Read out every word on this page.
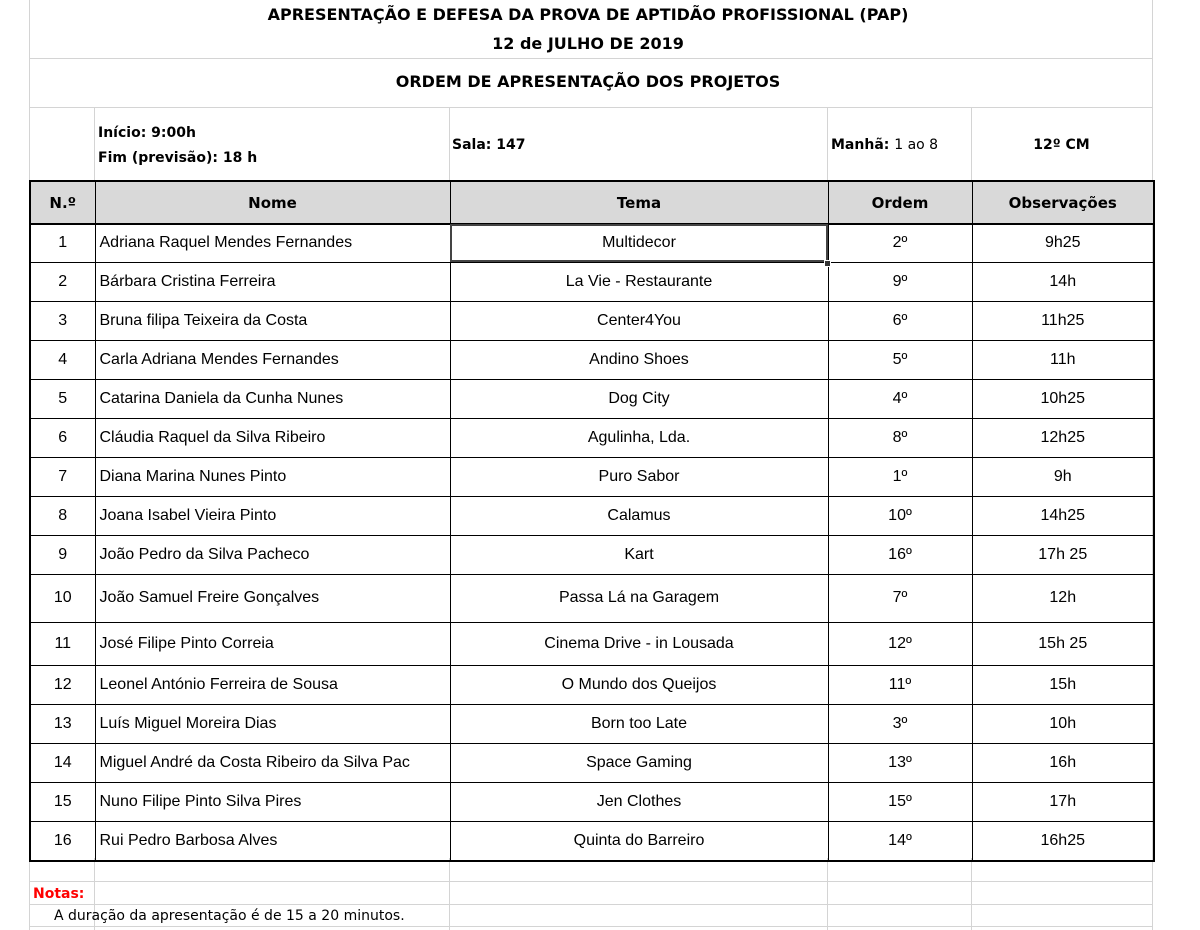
APRESENTAÇÃO E DEFESA DA PROVA DE APTIDÃO PROFISSIONAL (PAP)
12 de JULHO DE 2019
ORDEM DE APRESENTAÇÃO DOS PROJETOS
Início: 9:00h
Fim (previsão): 18 h
Sala: 147	Manhã: 1 ao 8	12º CM
N.º	Nome	Tema	Ordem	Observações
1	Adriana Raquel Mendes Fernandes	Multidecor	2º	9h25
2	Bárbara Cristina Ferreira	La Vie - Restaurante	9º	14h
3	Bruna filipa Teixeira da Costa	Center4You	6º	11h25
4	Carla Adriana Mendes Fernandes	Andino Shoes	5º	11h
5	Catarina Daniela da Cunha Nunes	Dog City	4º	10h25
6	Cláudia Raquel da Silva Ribeiro	Agulinha, Lda.	8º	12h25
7	Diana Marina Nunes Pinto	Puro Sabor	1º	9h
8	Joana Isabel Vieira Pinto	Calamus	10º	14h25
9	João Pedro da Silva Pacheco	Kart	16º	17h 25
10	João Samuel Freire Gonçalves	Passa Lá na Garagem	7º	12h
11	José Filipe Pinto Correia	Cinema Drive - in Lousada	12º	15h 25
12	Leonel António Ferreira de Sousa	O Mundo dos Queijos	11º	15h
13	Luís Miguel Moreira Dias	Born too Late	3º	10h
14	Miguel André da Costa Ribeiro da Silva Pac	Space Gaming	13º	16h
15	Nuno Filipe Pinto Silva Pires	Jen Clothes	15º	17h
16	Rui Pedro Barbosa Alves	Quinta do Barreiro	14º	16h25
Notas:
A duração da apresentação é de 15 a 20 minutos.
